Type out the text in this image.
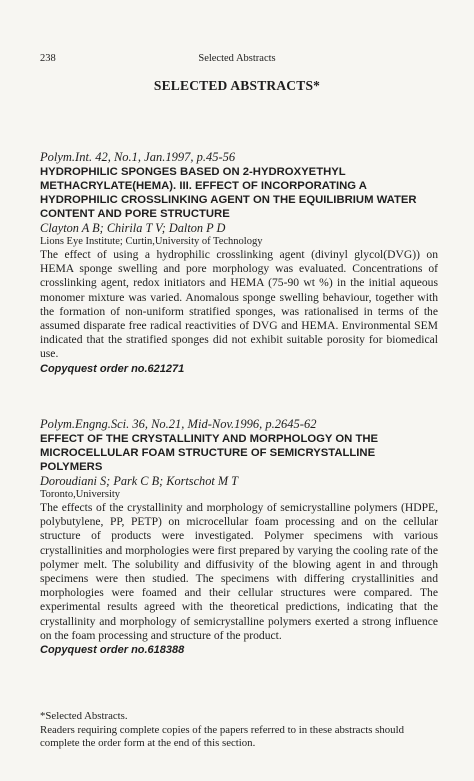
238	Selected Abstracts
SELECTED ABSTRACTS*
Polym.Int. 42, No.1, Jan.1997, p.45-56
HYDROPHILIC SPONGES BASED ON 2-HYDROXYETHYL METHACRYLATE(HEMA). III. EFFECT OF INCORPORATING A HYDROPHILIC CROSSLINKING AGENT ON THE EQUILIBRIUM WATER CONTENT AND PORE STRUCTURE
Clayton A B; Chirila T V; Dalton P D
Lions Eye Institute; Curtin,University of Technology

The effect of using a hydrophilic crosslinking agent (divinyl glycol(DVG)) on HEMA sponge swelling and pore morphology was evaluated. Concentrations of crosslinking agent, redox initiators and HEMA (75-90 wt %) in the initial aqueous monomer mixture was varied. Anomalous sponge swelling behaviour, together with the formation of non-uniform stratified sponges, was rationalised in terms of the assumed disparate free radical reactivities of DVG and HEMA. Environmental SEM indicated that the stratified sponges did not exhibit suitable porosity for biomedical use.

Copyquest order no.621271
Polym.Engng.Sci. 36, No.21, Mid-Nov.1996, p.2645-62
EFFECT OF THE CRYSTALLINITY AND MORPHOLOGY ON THE MICROCELLULAR FOAM STRUCTURE OF SEMICRYSTALLINE POLYMERS
Doroudiani S; Park C B; Kortschot M T
Toronto,University

The effects of the crystallinity and morphology of semicrystalline polymers (HDPE, polybutylene, PP, PETP) on microcellular foam processing and on the cellular structure of products were investigated. Polymer specimens with various crystallinities and morphologies were first prepared by varying the cooling rate of the polymer melt. The solubility and diffusivity of the blowing agent in and through specimens were then studied. The specimens with differing crystallinities and morphologies were foamed and their cellular structures were compared. The experimental results agreed with the theoretical predictions, indicating that the crystallinity and morphology of semicrystalline polymers exerted a strong influence on the foam processing and structure of the product.

Copyquest order no.618388
*Selected Abstracts.
Readers requiring complete copies of the papers referred to in these abstracts should complete the order form at the end of this section.
